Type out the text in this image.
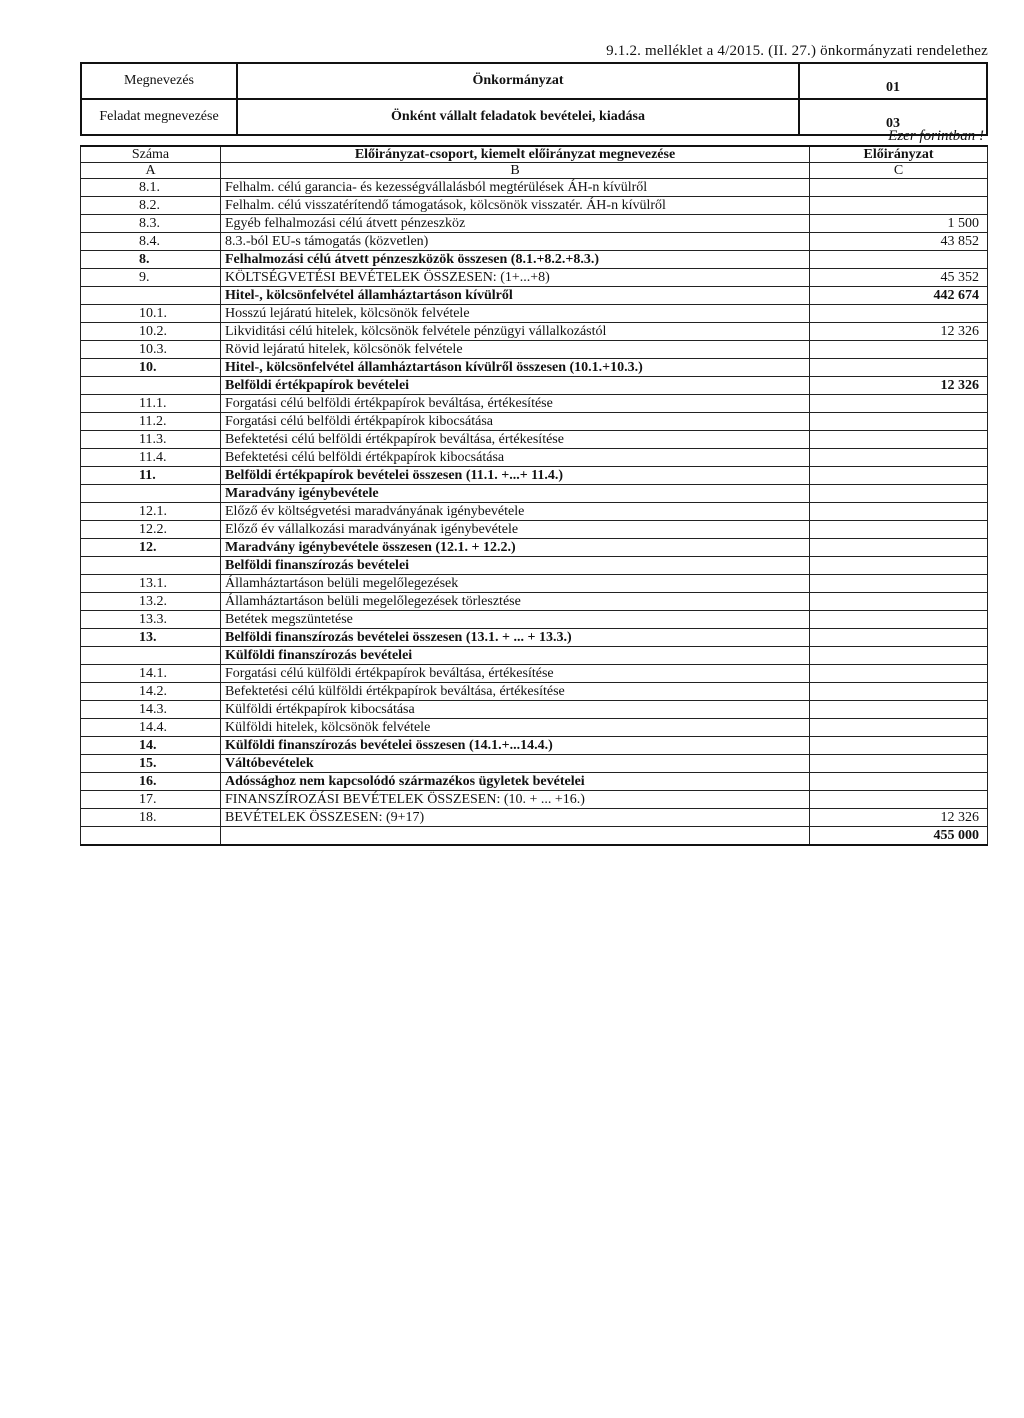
9.1.2. melléklet a 4/2015. (II. 27.) önkormányzati rendelethez
Megnevezés	Önkormányzat	01
Feladat megnevezése	Önként vállalt feladatok bevételei, kiadása	03
Ezer forintban !
Száma	Előirányzat-csoport, kiemelt előirányzat megnevezése	Előirányzat
A	B	C
8.1.	Felhalm. célú garancia- és kezességvállalásból megtérülések ÁH-n kívülről	
8.2.	Felhalm. célú visszatérítendő támogatások, kölcsönök visszatér. ÁH-n kívülről	
8.3.	Egyéb felhalmozási célú átvett pénzeszköz	1 500
8.4.	8.3.-ból EU-s támogatás (közvetlen)	43 852
8.	Felhalmozási célú átvett pénzeszközök összesen (8.1.+8.2.+8.3.)	
9.	KÖLTSÉGVETÉSI BEVÉTELEK ÖSSZESEN: (1+...+8)	45 352
	Hitel-, kölcsönfelvétel államháztartáson kívülről	442 674
10.1.	Hosszú lejáratú hitelek, kölcsönök felvétele	
10.2.	Likviditási célú hitelek, kölcsönök felvétele pénzügyi vállalkozástól	12 326
10.3.	Rövid lejáratú hitelek, kölcsönök felvétele	
10.	Hitel-, kölcsönfelvétel államháztartáson kívülről összesen (10.1.+10.3.)	
	Belföldi értékpapírok bevételei	12 326
11.1.	Forgatási célú belföldi értékpapírok beváltása, értékesítése	
11.2.	Forgatási célú belföldi értékpapírok kibocsátása	
11.3.	Befektetési célú belföldi értékpapírok beváltása, értékesítése	
11.4.	Befektetési célú belföldi értékpapírok kibocsátása	
11.	Belföldi értékpapírok bevételei összesen (11.1. +...+ 11.4.)	
	Maradvány igénybevétele	
12.1.	Előző év költségvetési maradványának igénybevétele	
12.2.	Előző év vállalkozási maradványának igénybevétele	
12.	Maradvány igénybevétele összesen (12.1. + 12.2.)	
	Belföldi finanszírozás bevételei	
13.1.	Államháztartáson belüli megelőlegezések	
13.2.	Államháztartáson belüli megelőlegezések törlesztése	
13.3.	Betétek megszüntetése	
13.	Belföldi finanszírozás bevételei összesen (13.1. + ... + 13.3.)	
	Külföldi finanszírozás bevételei	
14.1.	Forgatási célú külföldi értékpapírok beváltása, értékesítése	
14.2.	Befektetési célú külföldi értékpapírok beváltása, értékesítése	
14.3.	Külföldi értékpapírok kibocsátása	
14.4.	Külföldi hitelek, kölcsönök felvétele	
14.	Külföldi finanszírozás bevételei összesen (14.1.+...14.4.)	
15.	Váltóbevételek	
16.	Adóssághoz nem kapcsolódó származékos ügyletek bevételei	
17.	FINANSZÍROZÁSI BEVÉTELEK ÖSSZESEN: (10. + ... +16.)	
18.	BEVÉTELEK ÖSSZESEN: (9+17)	12 326
		455 000
